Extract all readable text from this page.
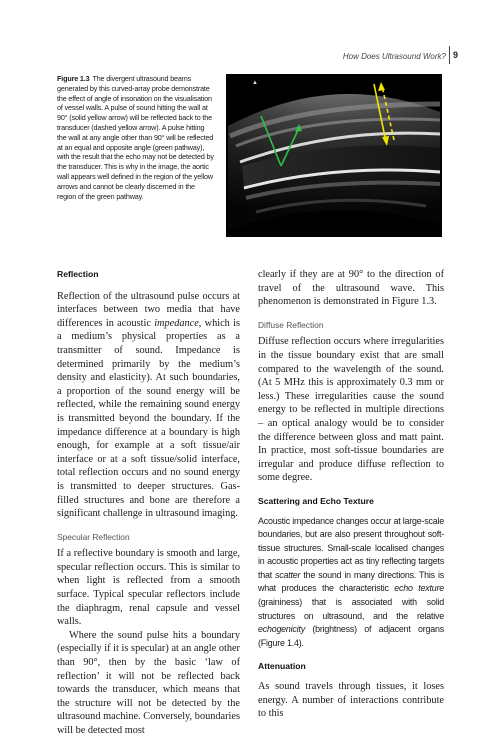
How Does Ultrasound Work? 9
Figure 1.3 The divergent ultrasound beams generated by this curved-array probe demonstrate the effect of angle of insonation on the visualisation of vessel walls. A pulse of sound hitting the wall at 90° (solid yellow arrow) will be reflected back to the transducer (dashed yellow arrow). A pulse hitting the wall at any angle other than 90° will be reflected at an equal and opposite angle (green pathway), with the result that the echo may not be detected by the transducer. This is why in the image, the aortic wall appears well defined in the region of the yellow arrows and cannot be clearly discerned in the region of the green pathway.
▲
Reflection

Reflection of the ultrasound pulse occurs at interfaces between two media that have differences in acoustic impedance, which is a medium’s physical properties as a transmitter of sound. Impedance is determined primarily by the medium’s density and elasticity). At such boundaries, a proportion of the sound energy will be reflected, while the remaining sound energy is transmitted beyond the boundary. If the impedance difference at a boundary is high enough, for example at a soft tissue/air interface or at a soft tissue/solid interface, total reflection occurs and no sound energy is transmitted to deeper structures. Gas-filled structures and bone are therefore a significant challenge in ultrasound imaging.

Specular Reflection

If a reflective boundary is smooth and large, specular reflection occurs. This is similar to when light is reflected from a smooth surface. Typical specular reflectors include the diaphragm, renal capsule and vessel walls.

Where the sound pulse hits a boundary (especially if it is specular) at an angle other than 90°, then by the basic ‘law of reflection’ it will not be reflected back towards the transducer, which means that the structure will not be detected by the ultrasound machine. Conversely, boundaries will be detected most

clearly if they are at 90° to the direction of travel of the ultrasound wave. This phenomenon is demonstrated in Figure 1.3.

Diffuse Reflection

Diffuse reflection occurs where irregularities in the tissue boundary exist that are small compared to the wavelength of the sound. (At 5 MHz this is approximately 0.3 mm or less.) These irregularities cause the sound energy to be reflected in multiple directions – an optical analogy would be to consider the difference between gloss and matt paint. In practice, most soft-tissue boundaries are irregular and produce diffuse reflection to some degree.

Scattering and Echo Texture

Acoustic impedance changes occur at large-scale boundaries, but are also present throughout soft-tissue structures. Small-scale localised changes in acoustic properties act as tiny reflecting targets that scatter the sound in many directions. This is what produces the characteristic echo texture (graininess) that is associated with solid structures on ultrasound, and the relative echogenicity (brightness) of adjacent organs (Figure 1.4).

Attenuation

As sound travels through tissues, it loses energy. A number of interactions contribute to this
